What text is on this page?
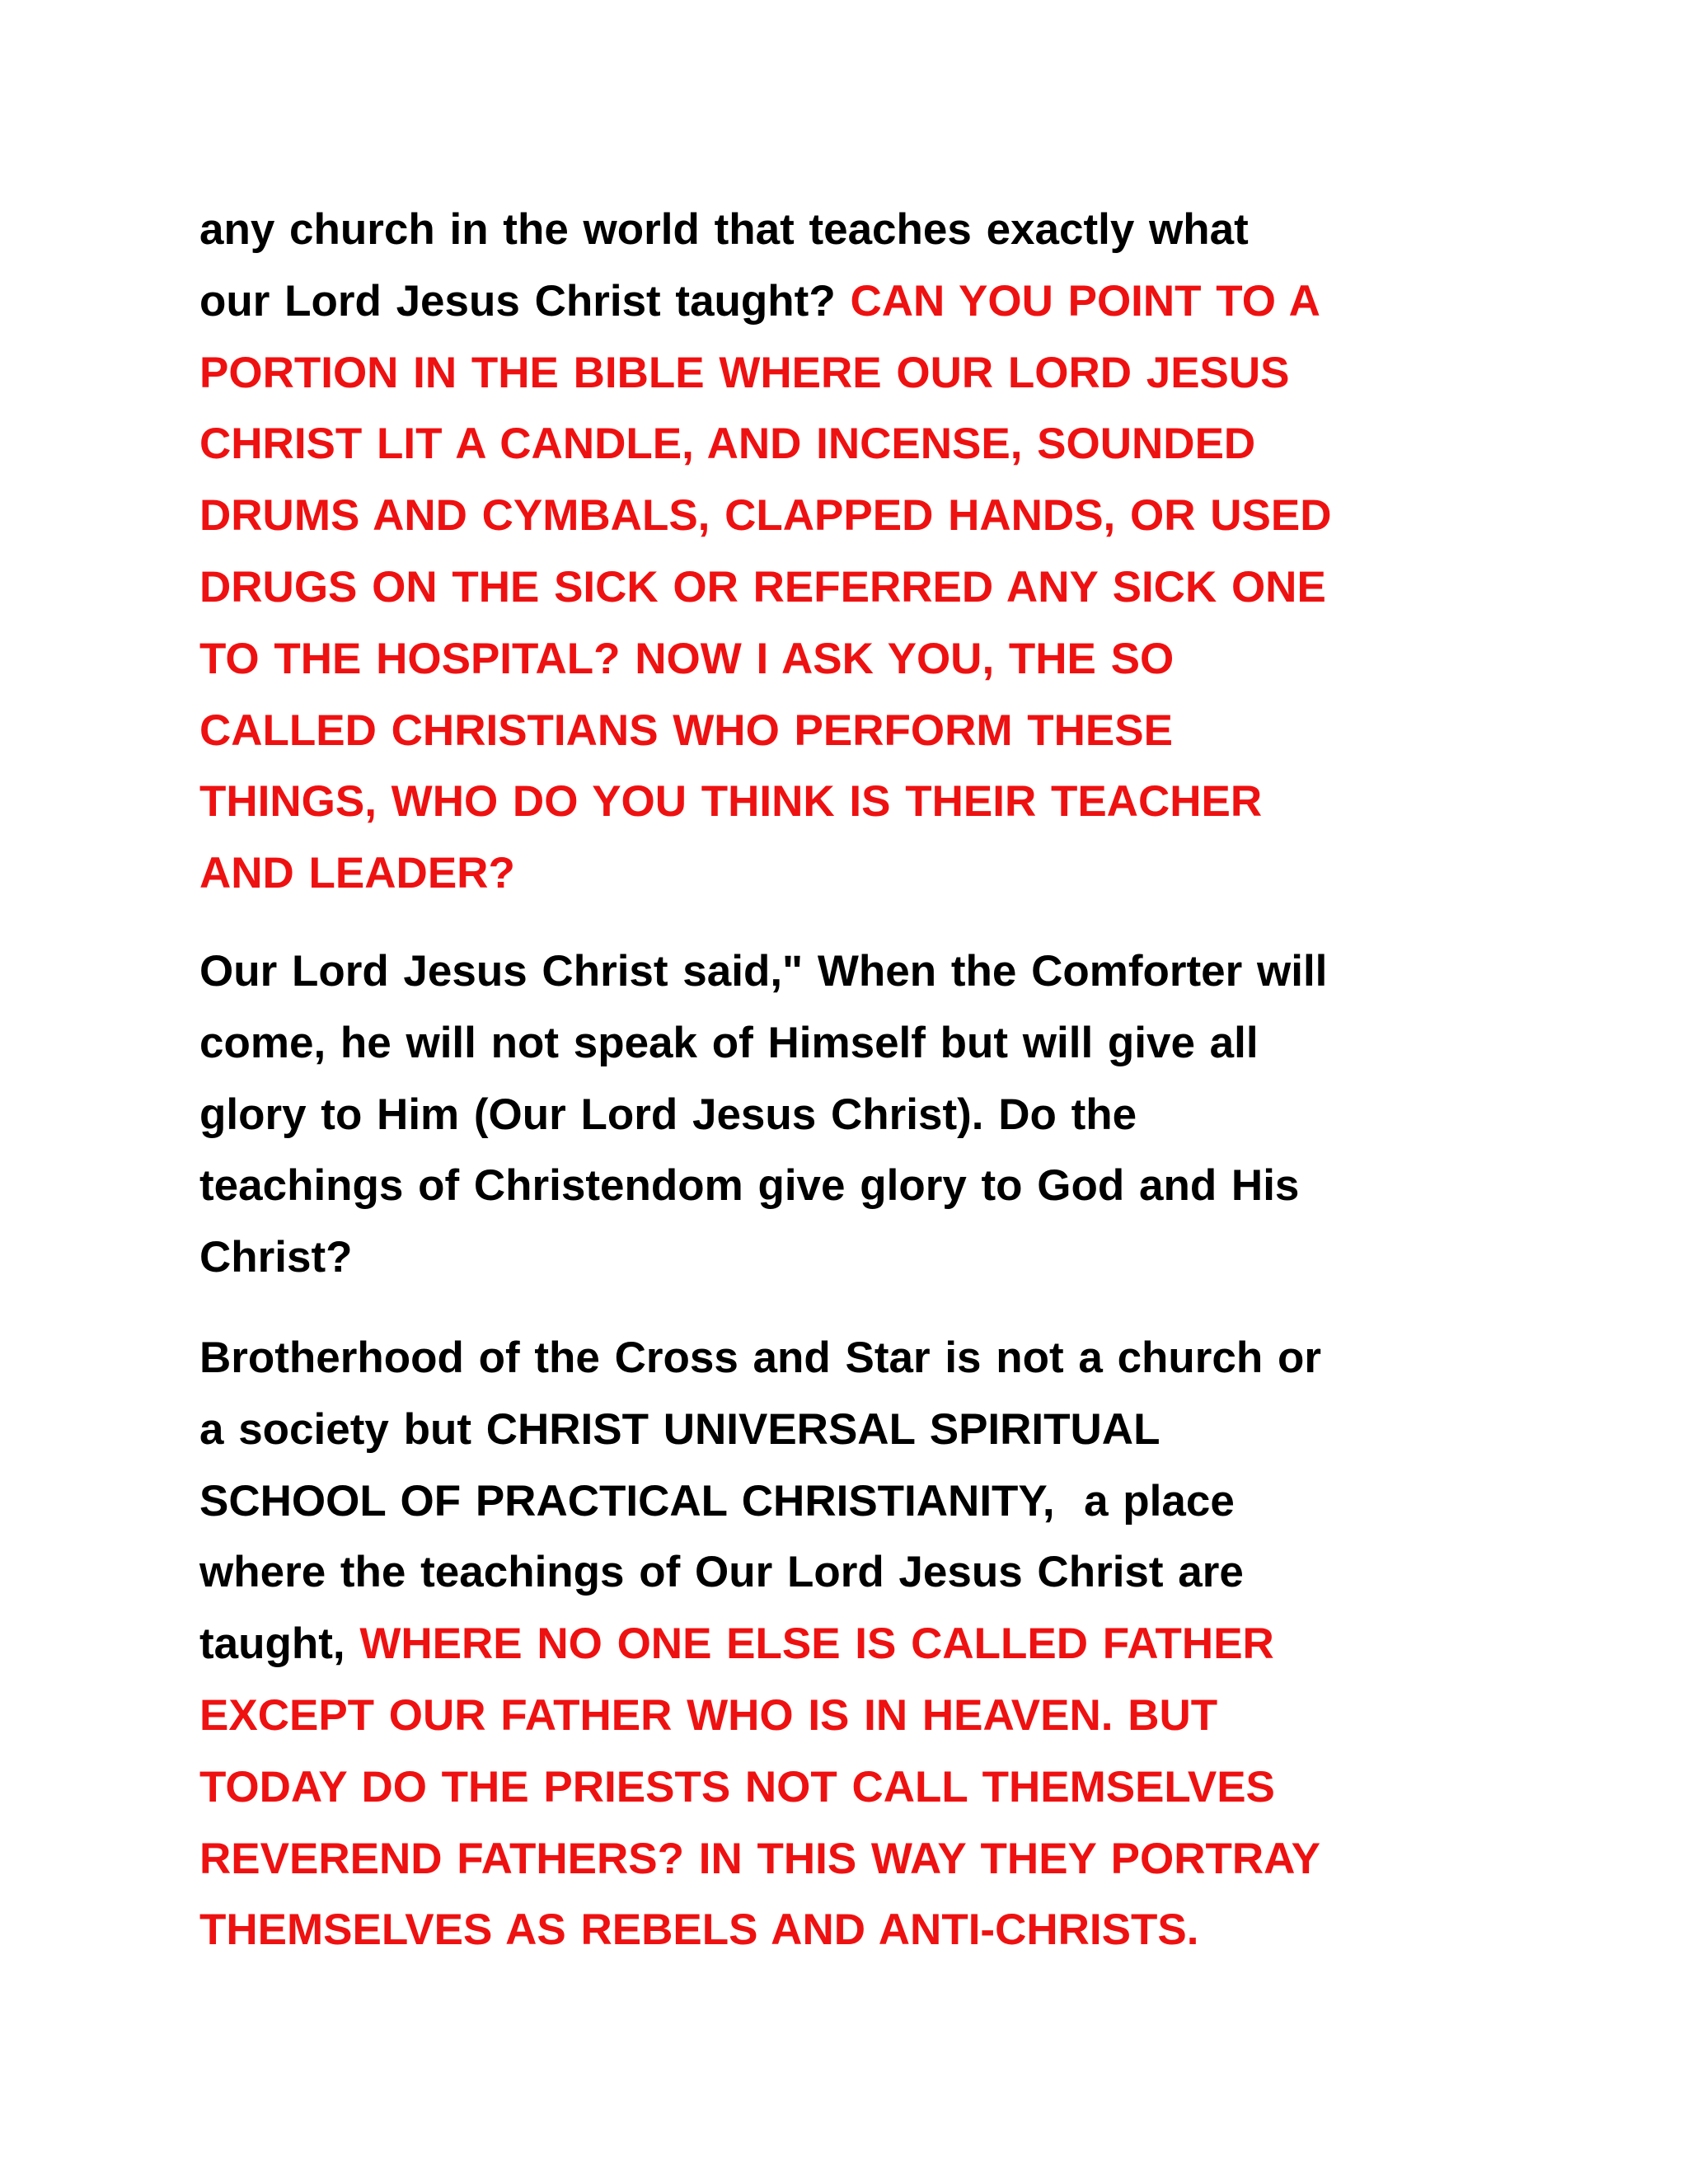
any church in the world that teaches exactly what
our Lord Jesus Christ taught? CAN YOU POINT TO A
PORTION IN THE BIBLE WHERE OUR LORD JESUS
CHRIST LIT A CANDLE, AND INCENSE, SOUNDED
DRUMS AND CYMBALS, CLAPPED HANDS, OR USED
DRUGS ON THE SICK OR REFERRED ANY SICK ONE
TO THE HOSPITAL? NOW I ASK YOU, THE SO
CALLED CHRISTIANS WHO PERFORM THESE
THINGS, WHO DO YOU THINK IS THEIR TEACHER
AND LEADER?
Our Lord Jesus Christ said," When the Comforter will
come, he will not speak of Himself but will give all
glory to Him (Our Lord Jesus Christ). Do the
teachings of Christendom give glory to God and His
Christ?
Brotherhood of the Cross and Star is not a church or
a society but CHRIST UNIVERSAL SPIRITUAL
SCHOOL OF PRACTICAL CHRISTIANITY,  a place
where the teachings of Our Lord Jesus Christ are
taught, WHERE NO ONE ELSE IS CALLED FATHER
EXCEPT OUR FATHER WHO IS IN HEAVEN. BUT
TODAY DO THE PRIESTS NOT CALL THEMSELVES
REVEREND FATHERS? IN THIS WAY THEY PORTRAY
THEMSELVES AS REBELS AND ANTI-CHRISTS.
